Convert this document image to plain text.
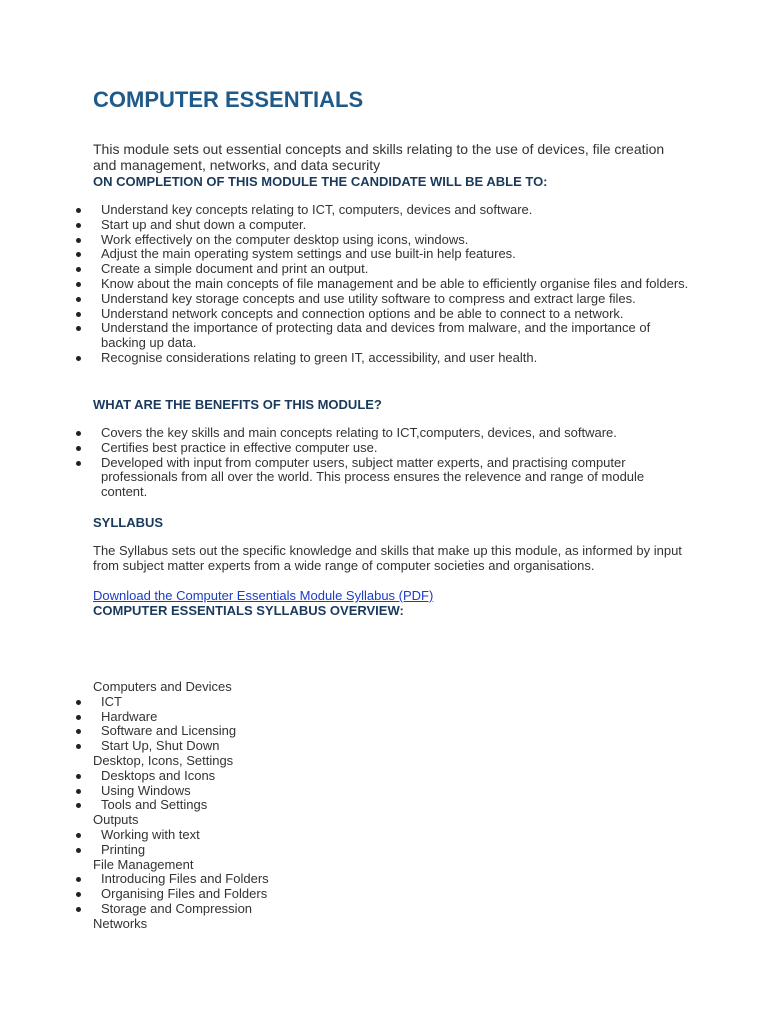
COMPUTER ESSENTIALS

This module sets out essential concepts and skills relating to the use of devices, file creation and management, networks, and data security

ON COMPLETION OF THIS MODULE THE CANDIDATE WILL BE ABLE TO:

Understand key concepts relating to ICT, computers, devices and software.
Start up and shut down a computer.
Work effectively on the computer desktop using icons, windows.
Adjust the main operating system settings and use built-in help features.
Create a simple document and print an output.
Know about the main concepts of file management and be able to efficiently organise files and folders.
Understand key storage concepts and use utility software to compress and extract large files.
Understand network concepts and connection options and be able to connect to a network.
Understand the importance of protecting data and devices from malware, and the importance of backing up data.
Recognise considerations relating to green IT, accessibility, and user health.

WHAT ARE THE BENEFITS OF THIS MODULE?

Covers the key skills and main concepts relating to ICT,computers, devices, and software.
Certifies best practice in effective computer use.
Developed with input from computer users, subject matter experts, and practising computer professionals from all over the world. This process ensures the relevence and range of module content.

SYLLABUS

The Syllabus sets out the specific knowledge and skills that make up this module, as informed by input from subject matter experts from a wide range of computer societies and organisations.

Download the Computer Essentials Module Syllabus (PDF)

COMPUTER ESSENTIALS SYLLABUS OVERVIEW:

Computers and Devices
ICT
Hardware
Software and Licensing
Start Up, Shut Down
Desktop, Icons, Settings
Desktops and Icons
Using Windows
Tools and Settings
Outputs
Working with text
Printing
File Management
Introducing Files and Folders
Organising Files and Folders
Storage and Compression
Networks
